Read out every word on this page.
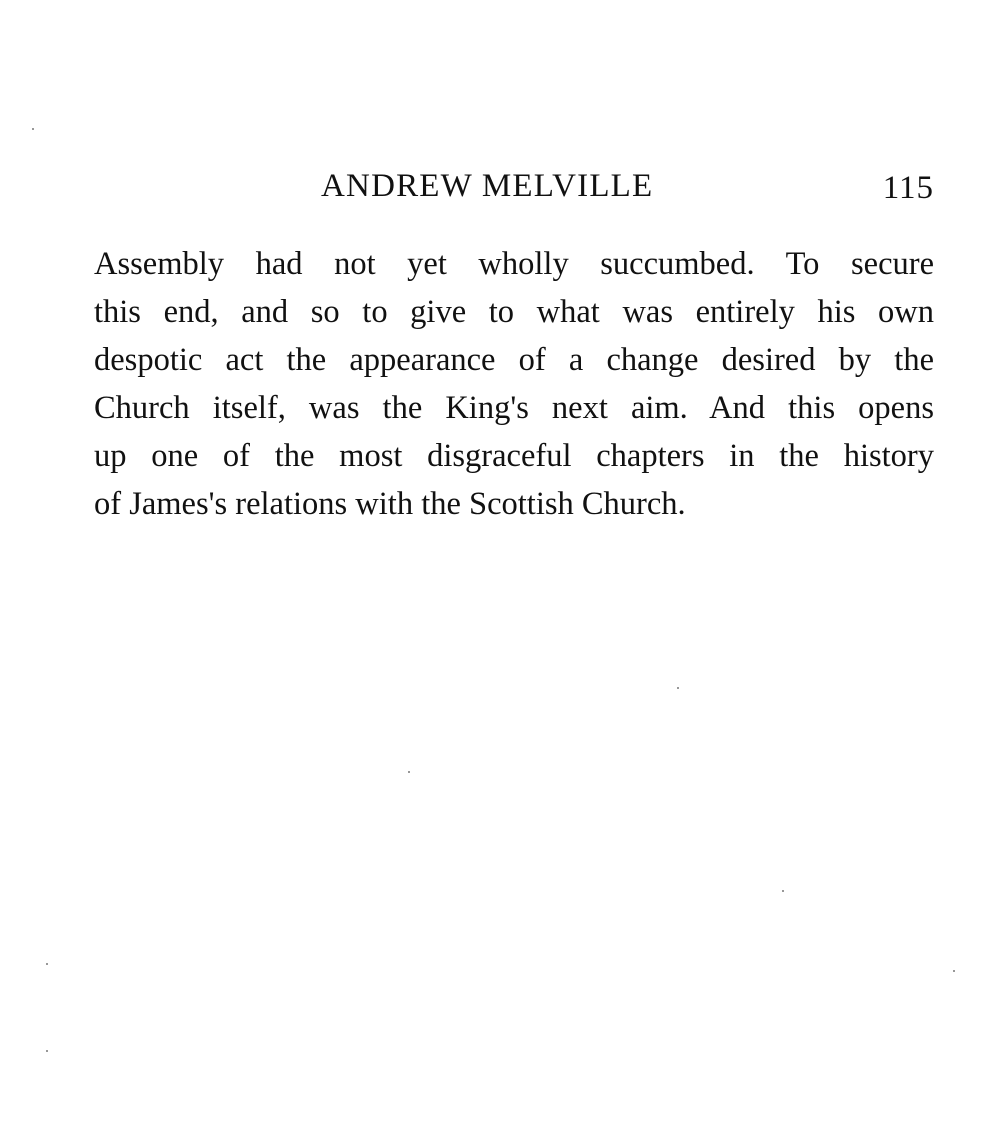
ANDREW MELVILLE	115
Assembly had not yet wholly succumbed. To secure
this end, and so to give to what was entirely his own
despotic act the appearance of a change desired by the
Church itself, was the King's next aim. And this opens
up one of the most disgraceful chapters in the history
of James's relations with the Scottish Church.
